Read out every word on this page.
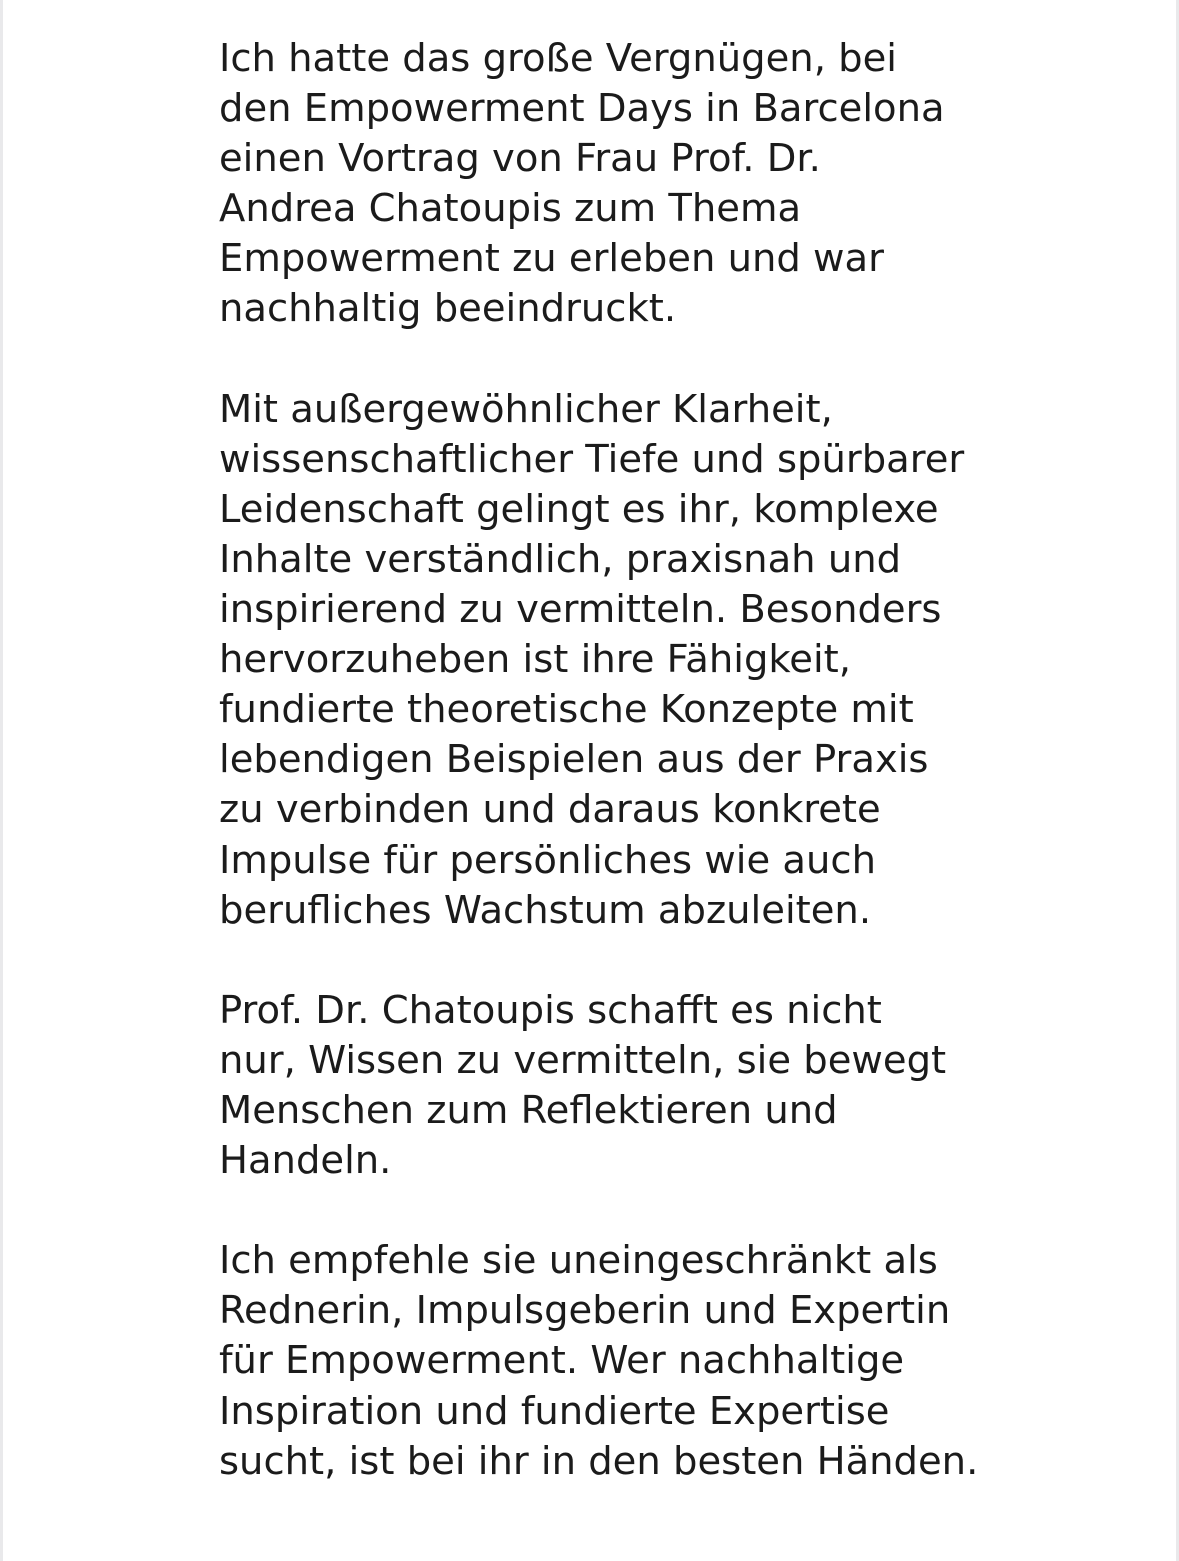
Ich hatte das große Vergnügen, bei
den Empowerment Days in Barcelona
einen Vortrag von Frau Prof. Dr.
Andrea Chatoupis zum Thema
Empowerment zu erleben und war
nachhaltig beeindruckt.

Mit außergewöhnlicher Klarheit,
wissenschaftlicher Tiefe und spürbarer
Leidenschaft gelingt es ihr, komplexe
Inhalte verständlich, praxisnah und
inspirierend zu vermitteln. Besonders
hervorzuheben ist ihre Fähigkeit,
fundierte theoretische Konzepte mit
lebendigen Beispielen aus der Praxis
zu verbinden und daraus konkrete
Impulse für persönliches wie auch
berufliches Wachstum abzuleiten.

Prof. Dr. Chatoupis schafft es nicht
nur, Wissen zu vermitteln, sie bewegt
Menschen zum Reflektieren und
Handeln.

Ich empfehle sie uneingeschränkt als
Rednerin, Impulsgeberin und Expertin
für Empowerment. Wer nachhaltige
Inspiration und fundierte Expertise
sucht, ist bei ihr in den besten Händen.
